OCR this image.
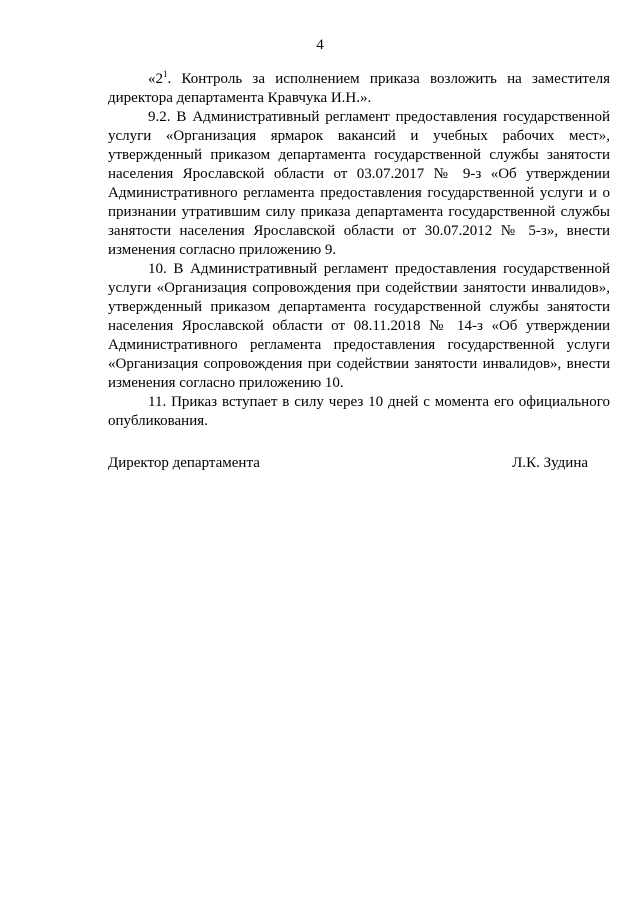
4

«$2^1$. Контроль за исполнением приказа возложить на заместителя
директора департамента Кравчука И.Н.».

9.2. В Административный регламент предоставления государственной
услуги «Организация ярмарок вакансий и учебных рабочих мест»,
утвержденный приказом департамента государственной службы занятости
населения Ярославской области от 03.07.2017 № 9-з «Об утверждении
Административного регламента предоставления государственной услуги и о
признании утратившим силу приказа департамента государственной службы
занятости населения Ярославской области от 30.07.2012 № 5-з», внести
изменения согласно приложению 9.

10. В Административный регламент предоставления государственной
услуги «Организация сопровождения при содействии занятости инвалидов»,
утвержденный приказом департамента государственной службы занятости
населения Ярославской области от 08.11.2018 № 14-з «Об утверждении
Административного регламента предоставления государственной услуги
«Организация сопровождения при содействии занятости инвалидов», внести
изменения согласно приложению 10.

11. Приказ вступает в силу через 10 дней с момента его официального
опубликования.

Директор департамента	Л.К. Зудина
